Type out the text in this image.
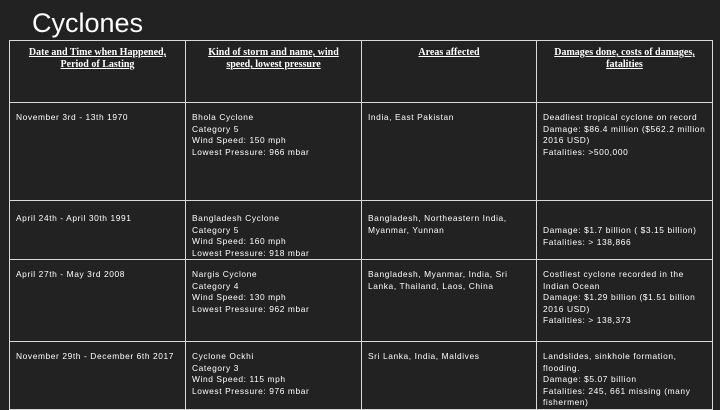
Cyclones
Date and Time when Happened, Period of Lasting	Kind of storm and name, wind speed, lowest pressure	Areas affected	Damages done, costs of damages, fatalities

November 3rd - 13th 1970	Bhola Cyclone
Category 5
Wind Speed: 150 mph
Lowest Pressure: 966 mbar	India, East Pakistan	Deadliest tropical cyclone on record
Damage: $86.4 million ($562.2 million 2016 USD)
Fatalities: >500,000

April 24th - April 30th 1991	Bangladesh Cyclone
Category 5
Wind Speed: 160 mph
Lowest Pressure: 918 mbar	Bangladesh, Northeastern India, Myanmar, Yunnan	Damage: $1.7 billion ( $3.15 billion)
Fatalities: > 138,866

April 27th - May 3rd 2008	Nargis Cyclone
Category 4
Wind Speed: 130 mph
Lowest Pressure: 962 mbar	Bangladesh, Myanmar, India, Sri Lanka, Thailand, Laos, China	Costliest cyclone recorded in the Indian Ocean
Damage: $1.29 billion ($1.51 billion 2016 USD)
Fatalities: > 138,373

November 29th - December 6th 2017	Cyclone Ockhi
Category 3
Wind Speed: 115 mph
Lowest Pressure: 976 mbar	Sri Lanka, India, Maldives	Landslides, sinkhole formation, flooding.
Damage: $5.07 billion
Fatalities: 245, 661 missing (many fishermen)
